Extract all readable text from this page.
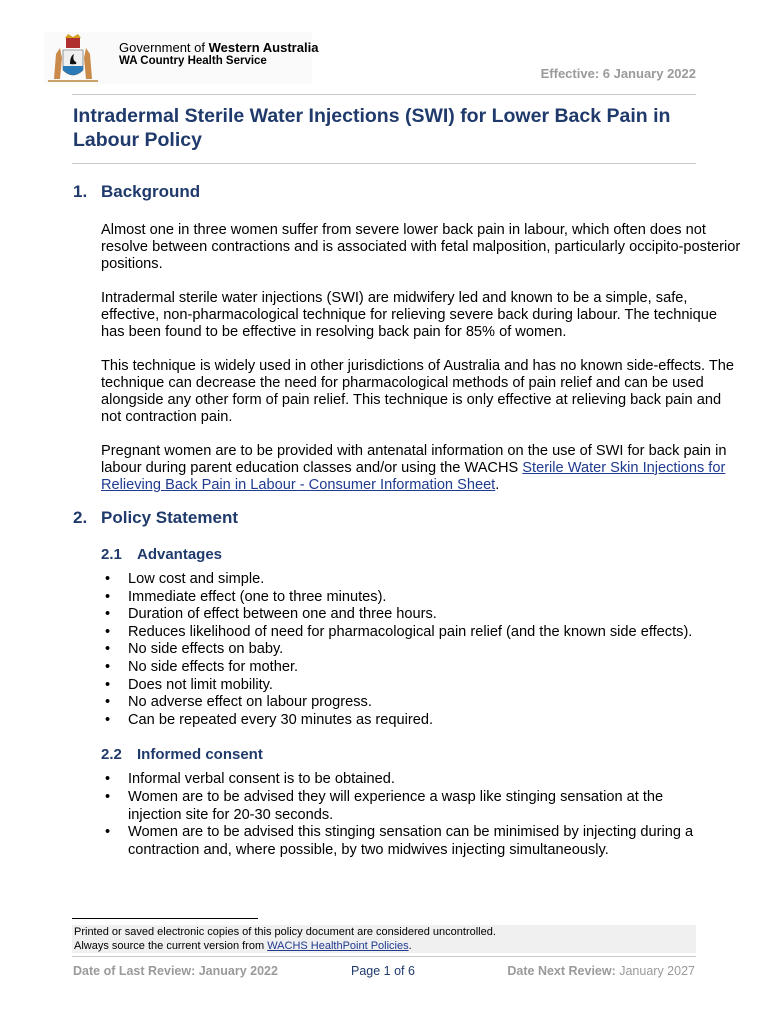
Government of Western Australia
WA Country Health Service
Effective: 6 January 2022
Intradermal Sterile Water Injections (SWI) for Lower Back Pain in Labour Policy
1. Background

Almost one in three women suffer from severe lower back pain in labour, which often does not resolve between contractions and is associated with fetal malposition, particularly occipito-posterior positions.

Intradermal sterile water injections (SWI) are midwifery led and known to be a simple, safe, effective, non-pharmacological technique for relieving severe back during labour. The technique has been found to be effective in resolving back pain for 85% of women.

This technique is widely used in other jurisdictions of Australia and has no known side-effects. The technique can decrease the need for pharmacological methods of pain relief and can be used alongside any other form of pain relief. This technique is only effective at relieving back pain and not contraction pain.

Pregnant women are to be provided with antenatal information on the use of SWI for back pain in labour during parent education classes and/or using the WACHS Sterile Water Skin Injections for Relieving Back Pain in Labour - Consumer Information Sheet.

2. Policy Statement
2.1 Advantages
• Low cost and simple.
• Immediate effect (one to three minutes).
• Duration of effect between one and three hours.
• Reduces likelihood of need for pharmacological pain relief (and the known side effects).
• No side effects on baby.
• No side effects for mother.
• Does not limit mobility.
• No adverse effect on labour progress.
• Can be repeated every 30 minutes as required.
2.2 Informed consent
• Informal verbal consent is to be obtained.
• Women are to be advised they will experience a wasp like stinging sensation at the injection site for 20-30 seconds.
• Women are to be advised this stinging sensation can be minimised by injecting during a contraction and, where possible, by two midwives injecting simultaneously.
Printed or saved electronic copies of this policy document are considered uncontrolled.
Always source the current version from WACHS HealthPoint Policies.
Date of Last Review: January 2022	Page 1 of 6	Date Next Review: January 2027
